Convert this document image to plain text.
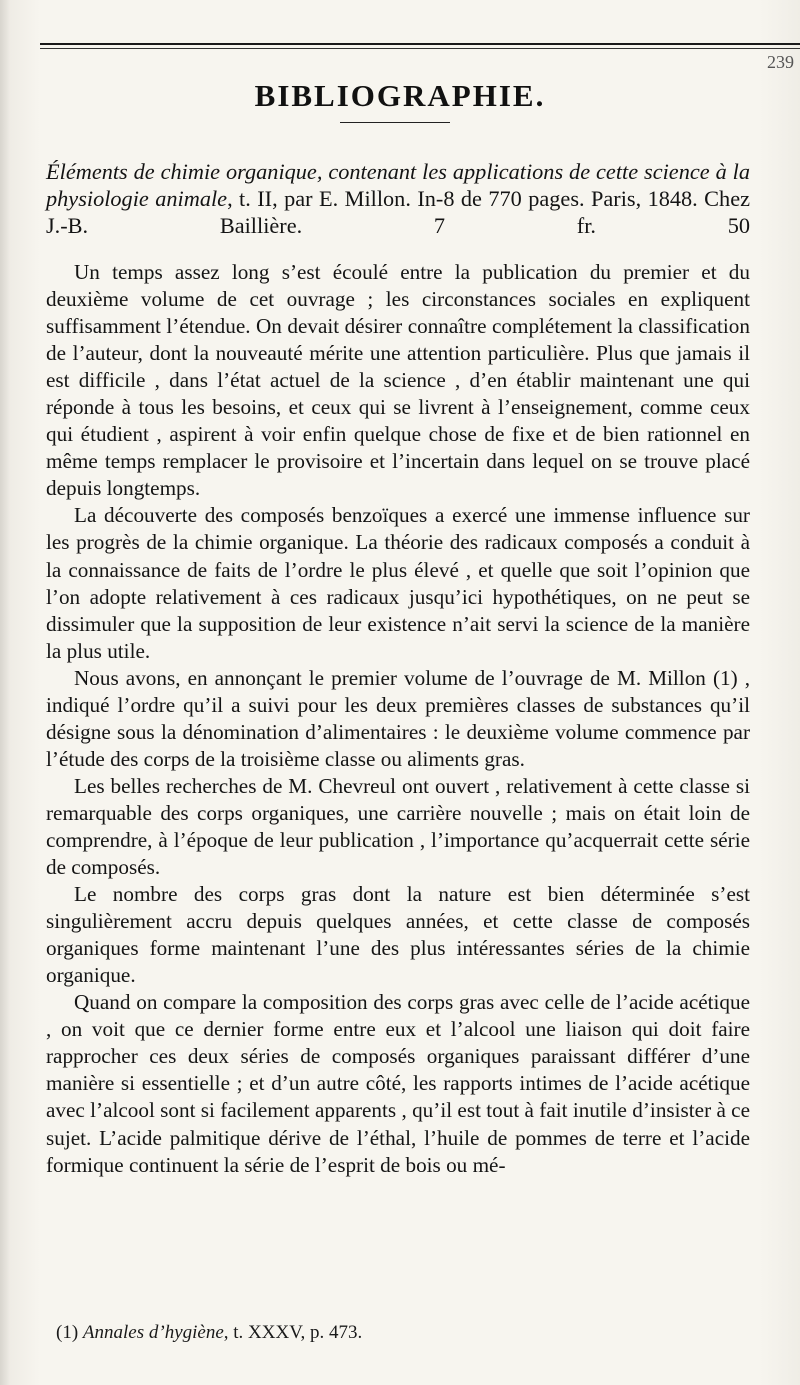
239
BIBLIOGRAPHIE.
Éléments de chimie organique, contenant les applications de cette science à la physiologie animale, t. II, par E. Millon. In-8 de 770 pages. Paris, 1848. Chez J.-B. Baillière. 7 fr. 50

Un temps assez long s’est écoulé entre la publication du premier et du deuxième volume de cet ouvrage ; les circonstances sociales en expliquent suffisamment l’étendue. On devait désirer connaître complétement la classification de l’auteur, dont la nouveauté mérite une attention particulière. Plus que jamais il est difficile , dans l’état actuel de la science , d’en établir maintenant une qui réponde à tous les besoins, et ceux qui se livrent à l’enseignement, comme ceux qui étudient , aspirent à voir enfin quelque chose de fixe et de bien rationnel en même temps remplacer le provisoire et l’incertain dans lequel on se trouve placé depuis longtemps.

La découverte des composés benzoïques a exercé une immense influence sur les progrès de la chimie organique. La théorie des radicaux composés a conduit à la connaissance de faits de l’ordre le plus élevé , et quelle que soit l’opinion que l’on adopte relativement à ces radicaux jusqu’ici hypothétiques, on ne peut se dissimuler que la supposition de leur existence n’ait servi la science de la manière la plus utile.

Nous avons, en annonçant le premier volume de l’ouvrage de M. Millon (1) , indiqué l’ordre qu’il a suivi pour les deux premières classes de substances qu’il désigne sous la dénomination d’alimentaires : le deuxième volume commence par l’étude des corps de la troisième classe ou aliments gras.

Les belles recherches de M. Chevreul ont ouvert , relativement à cette classe si remarquable des corps organiques, une carrière nouvelle ; mais on était loin de comprendre, à l’époque de leur publication , l’importance qu’acquerrait cette série de composés.

Le nombre des corps gras dont la nature est bien déterminée s’est singulièrement accru depuis quelques années, et cette classe de composés organiques forme maintenant l’une des plus intéressantes séries de la chimie organique.

Quand on compare la composition des corps gras avec celle de l’acide acétique , on voit que ce dernier forme entre eux et l’alcool une liaison qui doit faire rapprocher ces deux séries de composés organiques paraissant différer d’une manière si essentielle ; et d’un autre côté, les rapports intimes de l’acide acétique avec l’alcool sont si facilement apparents , qu’il est tout à fait inutile d’insister à ce sujet. L’acide palmitique dérive de l’éthal, l’huile de pommes de terre et l’acide formique continuent la série de l’esprit de bois ou mé-

(1) Annales d’hygiène, t. XXXV, p. 473.
